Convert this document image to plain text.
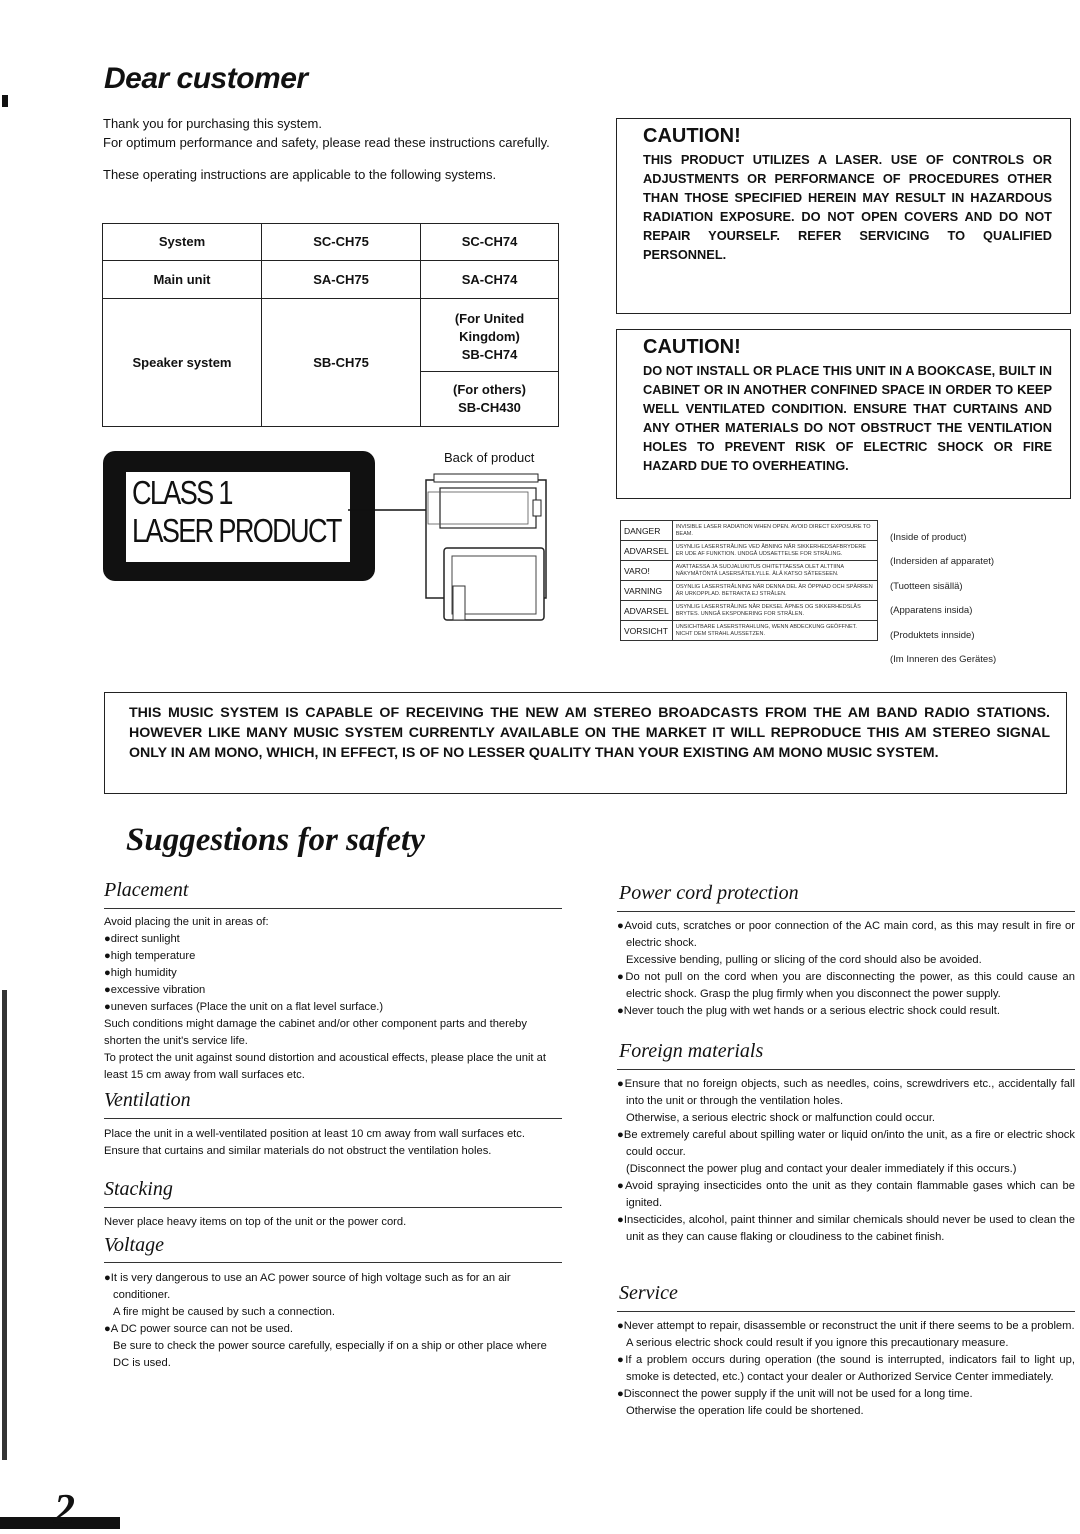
Dear customer

Thank you for purchasing this system.

For optimum performance and safety, please read these instructions carefully.

These operating instructions are applicable to the following systems.

System	SC-CH75	SC-CH74
Main unit	SA-CH75	SA-CH74
Speaker system	SB-CH75	(For United Kingdom)
SB-CH74

		(For others)
SB-CH430
CLASS 1
LASER PRODUCT
Back of product
CAUTION!
THIS PRODUCT UTILIZES A LASER. USE OF CONTROLS OR ADJUSTMENTS OR PERFORMANCE OF PROCEDURES OTHER THAN THOSE SPECIFIED HEREIN MAY RESULT IN HAZARDOUS RADIATION EXPOSURE. DO NOT OPEN COVERS AND DO NOT REPAIR YOURSELF. REFER SERVICING TO QUALIFIED PERSONNEL.
CAUTION!
DO NOT INSTALL OR PLACE THIS UNIT IN A BOOKCASE, BUILT IN CABINET OR IN ANOTHER CONFINED SPACE IN ORDER TO KEEP WELL VENTILATED CONDITION. ENSURE THAT CURTAINS AND ANY OTHER MATERIALS DO NOT OBSTRUCT THE VENTILATION HOLES TO PREVENT RISK OF ELECTRIC SHOCK OR FIRE HAZARD DUE TO OVERHEATING.
DANGER	INVISIBLE LASER RADIATION WHEN OPEN. AVOID DIRECT EXPOSURE TO BEAM.
ADVARSEL	USYNLIG LASERSTRÅLING VED ÅBNING NÅR SIKKERHEDSAFBRYDERE ER UDE AF FUNKTION. UNDGÅ UDSAETTELSE FOR STRÅLING.
VARO!	AVATTAESSA JA SUOJALUKITUS OHITETTAESSA OLET ALTTIINA NÄKYMÄTÖNTÄ LASERSÄTEILYLLE. ÄLÄ KATSO SÄTEESEEN.
VARNING	OSYNLIG LASERSTRÅLNING NÄR DENNA DEL ÄR ÖPPNAD OCH SPÄRREN ÄR URKOPPLAD. BETRAKTA EJ STRÅLEN.
ADVARSEL	USYNLIG LASERSTRÅLING NÅR DEKSEL ÅPNES OG SIKKERHEDSLÅS BRYTES. UNNGÅ EKSPONERING FOR STRÅLEN.
VORSICHT	UNSICHTBARE LASERSTRAHLUNG, WENN ABDECKUNG GEÖFFNET. NICHT DEM STRAHL AUSSETZEN.
(Inside of product)
(Indersiden af apparatet)
(Tuotteen sisällä)
(Apparatens insida)
(Produktets innside)
(Im Inneren des Gerätes)
THIS MUSIC SYSTEM IS CAPABLE OF RECEIVING THE NEW AM STEREO BROADCASTS FROM THE AM BAND RADIO STATIONS. HOWEVER LIKE MANY MUSIC SYSTEM CURRENTLY AVAILABLE ON THE MARKET IT WILL REPRODUCE THIS AM STEREO SIGNAL ONLY IN AM MONO, WHICH, IN EFFECT, IS OF NO LESSER QUALITY THAN YOUR EXISTING AM MONO MUSIC SYSTEM.
Suggestions for safety
Placement

Avoid placing the unit in areas of:

●direct sunlight

●high temperature

●high humidity

●excessive vibration

●uneven surfaces (Place the unit on a flat level surface.)

Such conditions might damage the cabinet and/or other component parts and thereby shorten the unit's service life.

To protect the unit against sound distortion and acoustical effects, please place the unit at least 15 cm away from wall surfaces etc.

Ventilation

Place the unit in a well-ventilated position at least 10 cm away from wall surfaces etc.

Ensure that curtains and similar materials do not obstruct the ventilation holes.

Stacking

Never place heavy items on top of the unit or the power cord.

Voltage

●It is very dangerous to use an AC power source of high voltage such as for an air conditioner.

A fire might be caused by such a connection.

●A DC power source can not be used.

Be sure to check the power source carefully, especially if on a ship or other place where DC is used.

Power cord protection

●Avoid cuts, scratches or poor connection of the AC main cord, as this may result in fire or electric shock.

Excessive bending, pulling or slicing of the cord should also be avoided.

●Do not pull on the cord when you are disconnecting the power, as this could cause an electric shock. Grasp the plug firmly when you disconnect the power supply.

●Never touch the plug with wet hands or a serious electric shock could result.

Foreign materials

●Ensure that no foreign objects, such as needles, coins, screwdrivers etc., accidentally fall into the unit or through the ventilation holes.

Otherwise, a serious electric shock or malfunction could occur.

●Be extremely careful about spilling water or liquid on/into the unit, as a fire or electric shock could occur.

(Disconnect the power plug and contact your dealer immediately if this occurs.)

●Avoid spraying insecticides onto the unit as they contain flammable gases which can be ignited.

●Insecticides, alcohol, paint thinner and similar chemicals should never be used to clean the unit as they can cause flaking or cloudiness to the cabinet finish.

Service

●Never attempt to repair, disassemble or reconstruct the unit if there seems to be a problem.

A serious electric shock could result if you ignore this precautionary measure.

●If a problem occurs during operation (the sound is interrupted, indicators fail to light up, smoke is detected, etc.) contact your dealer or Authorized Service Center immediately.

●Disconnect the power supply if the unit will not be used for a long time.

Otherwise the operation life could be shortened.

2
